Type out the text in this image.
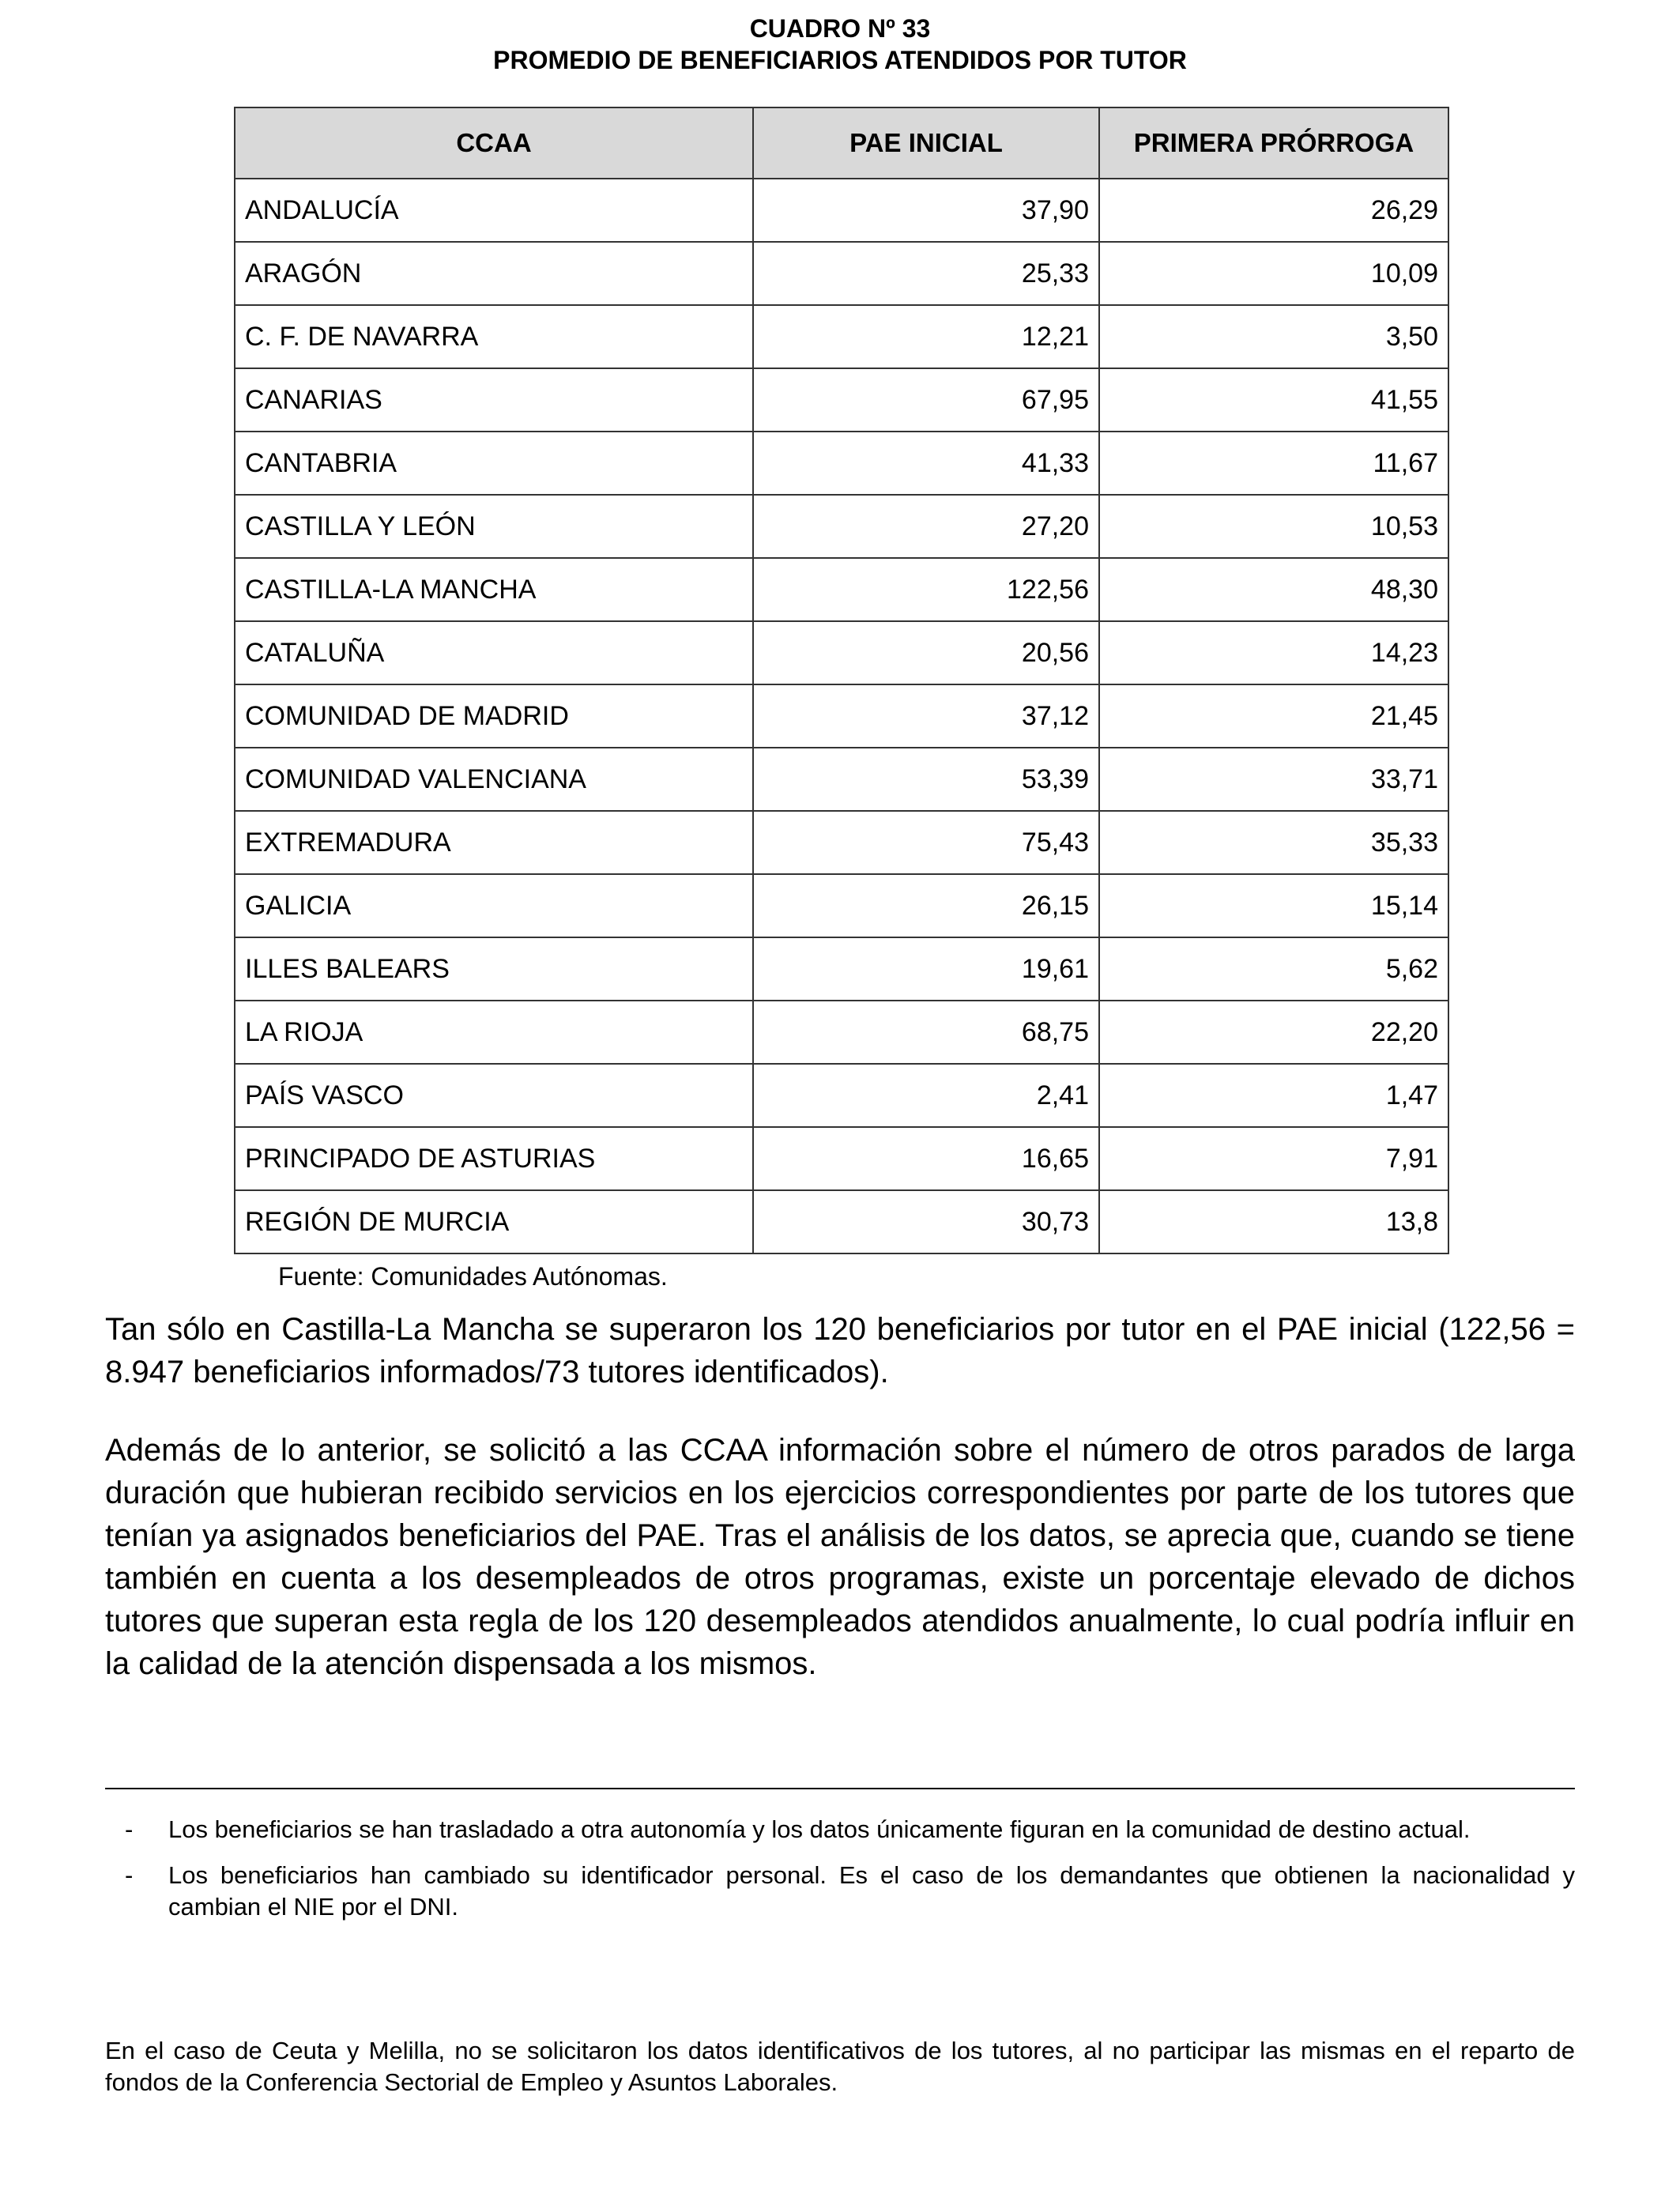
CUADRO Nº 33
PROMEDIO DE BENEFICIARIOS ATENDIDOS POR TUTOR
CCAA	PAE INICIAL	PRIMERA PRÓRROGA
ANDALUCÍA	37,90	26,29
ARAGÓN	25,33	10,09
C. F. DE NAVARRA	12,21	3,50
CANARIAS	67,95	41,55
CANTABRIA	41,33	11,67
CASTILLA Y LEÓN	27,20	10,53
CASTILLA-LA MANCHA	122,56	48,30
CATALUÑA	20,56	14,23
COMUNIDAD DE MADRID	37,12	21,45
COMUNIDAD VALENCIANA	53,39	33,71
EXTREMADURA	75,43	35,33
GALICIA	26,15	15,14
ILLES BALEARS	19,61	5,62
LA RIOJA	68,75	22,20
PAÍS VASCO	2,41	1,47
PRINCIPADO DE ASTURIAS	16,65	7,91
REGIÓN DE MURCIA	30,73	13,8
Fuente: Comunidades Autónomas.

Tan sólo en Castilla-La Mancha se superaron los 120 beneficiarios por tutor en el PAE inicial (122,56 = 8.947 beneficiarios informados/73 tutores identificados).

Además de lo anterior, se solicitó a las CCAA información sobre el número de otros parados de larga duración que hubieran recibido servicios en los ejercicios correspondientes por parte de los tutores que tenían ya asignados beneficiarios del PAE. Tras el análisis de los datos, se aprecia que, cuando se tiene también en cuenta a los desempleados de otros programas, existe un porcentaje elevado de dichos tutores que superan esta regla de los 120 desempleados atendidos anualmente, lo cual podría influir en la calidad de la atención dispensada a los mismos.

- Los beneficiarios se han trasladado a otra autonomía y los datos únicamente figuran en la comunidad de destino actual.
- Los beneficiarios han cambiado su identificador personal. Es el caso de los demandantes que obtienen la nacionalidad y cambian el NIE por el DNI.

En el caso de Ceuta y Melilla, no se solicitaron los datos identificativos de los tutores, al no participar las mismas en el reparto de fondos de la Conferencia Sectorial de Empleo y Asuntos Laborales.
